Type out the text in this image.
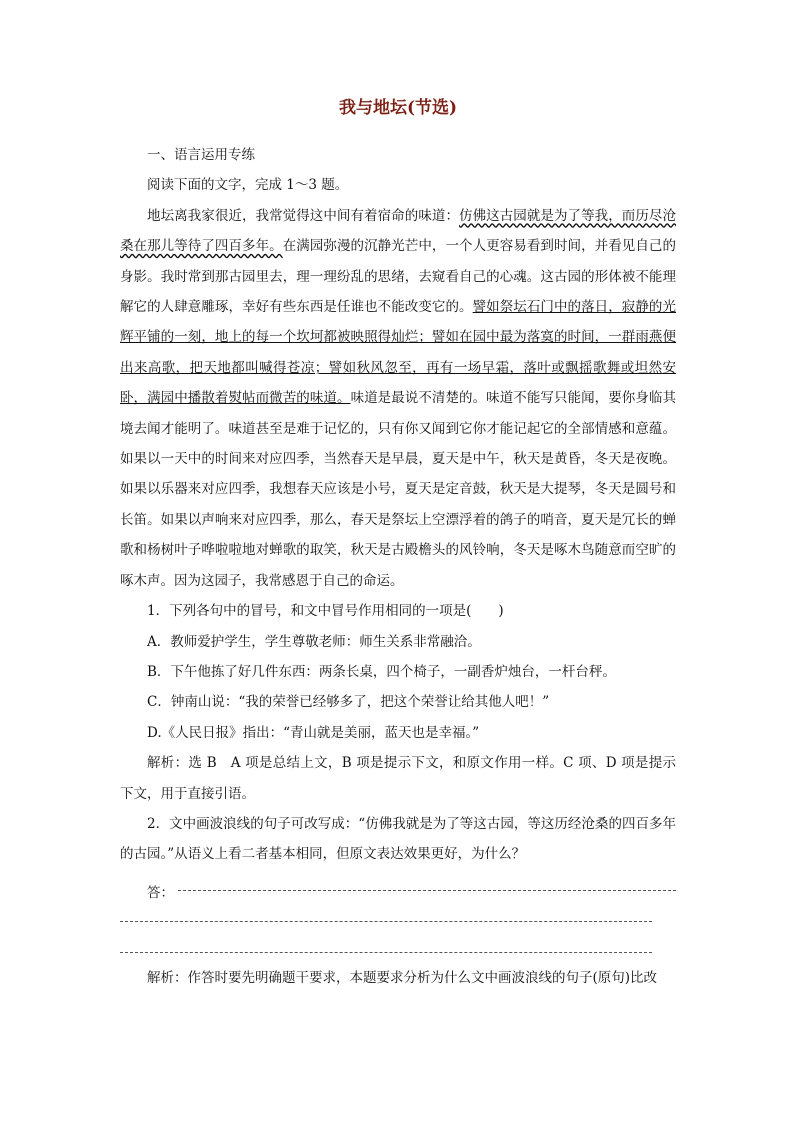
我与地坛(节选)

一、语言运用专练

阅读下面的文字，完成 1～3 题。

地坛离我家很近，我常觉得这中间有着宿命的味道：仿佛这古园就是为了等我，而历尽沧桑在那儿等待了四百多年。在满园弥漫的沉静光芒中，一个人更容易看到时间，并看见自己的身影。我时常到那古园里去，理一理纷乱的思绪，去窥看自己的心魂。这古园的形体被不能理解它的人肆意雕琢，幸好有些东西是任谁也不能改变它的。譬如祭坛石门中的落日，寂静的光辉平铺的一刻，地上的每一个坎坷都被映照得灿烂；譬如在园中最为落寞的时间，一群雨燕便出来高歌，把天地都叫喊得苍凉；譬如秋风忽至，再有一场早霜，落叶或飘摇歌舞或坦然安卧，满园中播散着熨帖而微苦的味道。味道是最说不清楚的。味道不能写只能闻，要你身临其境去闻才能明了。味道甚至是难于记忆的，只有你又闻到它你才能记起它的全部情感和意蕴。如果以一天中的时间来对应四季，当然春天是早晨，夏天是中午，秋天是黄昏，冬天是夜晚。如果以乐器来对应四季，我想春天应该是小号，夏天是定音鼓，秋天是大提琴，冬天是圆号和长笛。如果以声响来对应四季，那么，春天是祭坛上空漂浮着的鸽子的哨音，夏天是冗长的蝉歌和杨树叶子哗啦啦地对蝉歌的取笑，秋天是古殿檐头的风铃响，冬天是啄木鸟随意而空旷的啄木声。因为这园子，我常感恩于自己的命运。

1．下列各句中的冒号，和文中冒号作用相同的一项是(　　)

A．教师爱护学生，学生尊敬老师：师生关系非常融洽。

B．下午他拣了好几件东西：两条长桌，四个椅子，一副香炉烛台，一杆台秤。

C．钟南山说：“我的荣誉已经够多了，把这个荣誉让给其他人吧！”

D.《人民日报》指出：“青山就是美丽，蓝天也是幸福。”

解析：选 B　A 项是总结上文，B 项是提示下文，和原文作用一样。C 项、D 项是提示下文，用于直接引语。

2．文中画波浪线的句子可改写成：“仿佛我就是为了等这古园，等这历经沧桑的四百多年的古园。”从语义上看二者基本相同，但原文表达效果更好，为什么？

答：

解析：作答时要先明确题干要求，本题要求分析为什么文中画波浪线的句子(原句)比改
